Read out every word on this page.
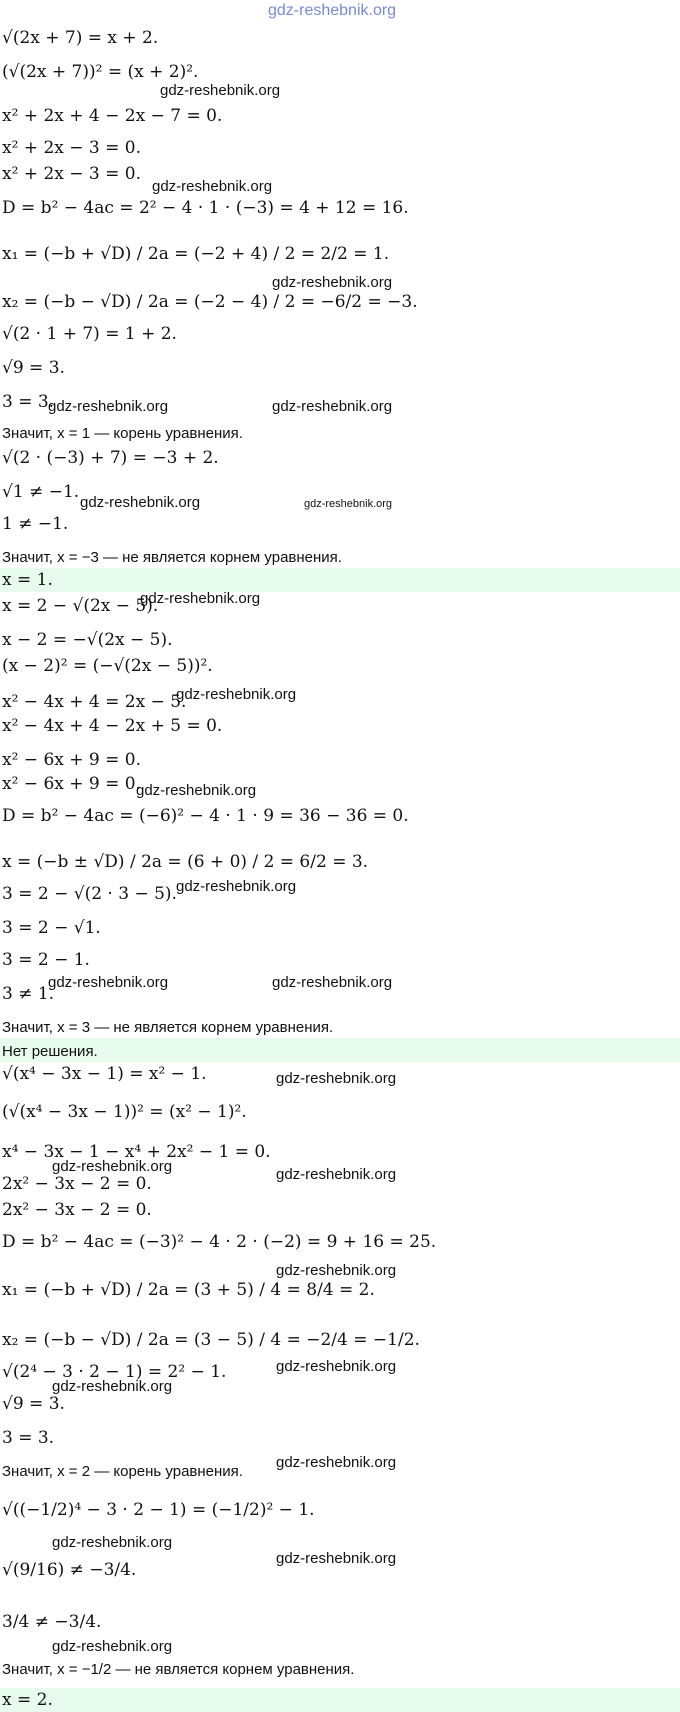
gdz-reshebnik.org
√(2x + 7) = x + 2.
(√(2x + 7))² = (x + 2)².
x² + 2x + 4 − 2x − 7 = 0.
x² + 2x − 3 = 0.
x² + 2x − 3 = 0.
D = b² − 4ac = 2² − 4 · 1 · (−3) = 4 + 12 = 16.
x₁ = (−b + √D) / 2a = (−2 + 4) / 2 = 2/2 = 1.
x₂ = (−b − √D) / 2a = (−2 − 4) / 2 = −6/2 = −3.
√(2 · 1 + 7) = 1 + 2.
√9 = 3.
3 = 3.
Значит, x = 1 — корень уравнения.
√(2 · (−3) + 7) = −3 + 2.
√1 ≠ −1.
1 ≠ −1.
Значит, x = −3 — не является корнем уравнения.
x = 1.
x = 2 − √(2x − 5).
x − 2 = −√(2x − 5).
(x − 2)² = (−√(2x − 5))².
x² − 4x + 4 = 2x − 5.
x² − 4x + 4 − 2x + 5 = 0.
x² − 6x + 9 = 0.
x² − 6x + 9 = 0.
D = b² − 4ac = (−6)² − 4 · 1 · 9 = 36 − 36 = 0.
x = (−b ± √D) / 2a = (6 + 0) / 2 = 6/2 = 3.
3 = 2 − √(2 · 3 − 5).
3 = 2 − √1.
3 = 2 − 1.
3 ≠ 1.
Значит, x = 3 — не является корнем уравнения.
Нет решения.
√(x⁴ − 3x − 1) = x² − 1.
(√(x⁴ − 3x − 1))² = (x² − 1)².
x⁴ − 3x − 1 − x⁴ + 2x² − 1 = 0.
2x² − 3x − 2 = 0.
2x² − 3x − 2 = 0.
D = b² − 4ac = (−3)² − 4 · 2 · (−2) = 9 + 16 = 25.
x₁ = (−b + √D) / 2a = (3 + 5) / 4 = 8/4 = 2.
x₂ = (−b − √D) / 2a = (3 − 5) / 4 = −2/4 = −1/2.
√(2⁴ − 3 · 2 − 1) = 2² − 1.
√9 = 3.
3 = 3.
Значит, x = 2 — корень уравнения.
√((−1/2)⁴ − 3 · 2 − 1) = (−1/2)² − 1.
√(9/16) ≠ −3/4.
3/4 ≠ −3/4.
Значит, x = −1/2 — не является корнем уравнения.
x = 2.
gdz-reshebnik.org
gdz-reshebnik.org
gdz-reshebnik.org
gdz-reshebnik.org	gdz-reshebnik.org
gdz-reshebnik.org	gdz-reshebnik.org
gdz-reshebnik.org
gdz-reshebnik.org
gdz-reshebnik.org
gdz-reshebnik.org
gdz-reshebnik.org	gdz-reshebnik.org
gdz-reshebnik.org
gdz-reshebnik.org	gdz-reshebnik.org
gdz-reshebnik.org
gdz-reshebnik.org
gdz-reshebnik.org
gdz-reshebnik.org
gdz-reshebnik.org
gdz-reshebnik.org
gdz-reshebnik.org
